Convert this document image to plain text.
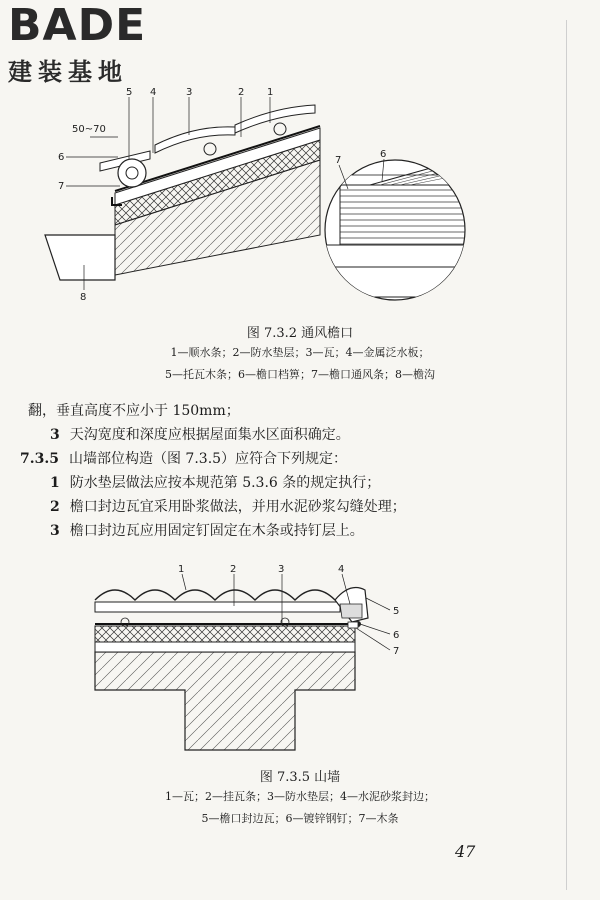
BADE
建装基地
50~70
1
2
3
4
5
6
7
8
7
6
图 7.3.2 通风檐口
1—顺水条；2—防水垫层；3—瓦；4—金属泛水板；
5—托瓦木条；6—檐口档箅；7—檐口通风条；8—檐沟
翻，垂直高度不应小于 150mm；
3 天沟宽度和深度应根据屋面集水区面积确定。
7.3.5 山墙部位构造（图 7.3.5）应符合下列规定：
1 防水垫层做法应按本规范第 5.3.6 条的规定执行；
2 檐口封边瓦宜采用卧浆做法，并用水泥砂浆勾缝处理；
3 檐口封边瓦应用固定钉固定在木条或持钉层上。
1	2	3	4
5
6
7
图 7.3.5 山墙
1—瓦；2—挂瓦条；3—防水垫层；4—水泥砂浆封边；
5—檐口封边瓦；6—镀锌钢钉；7—木条
47
